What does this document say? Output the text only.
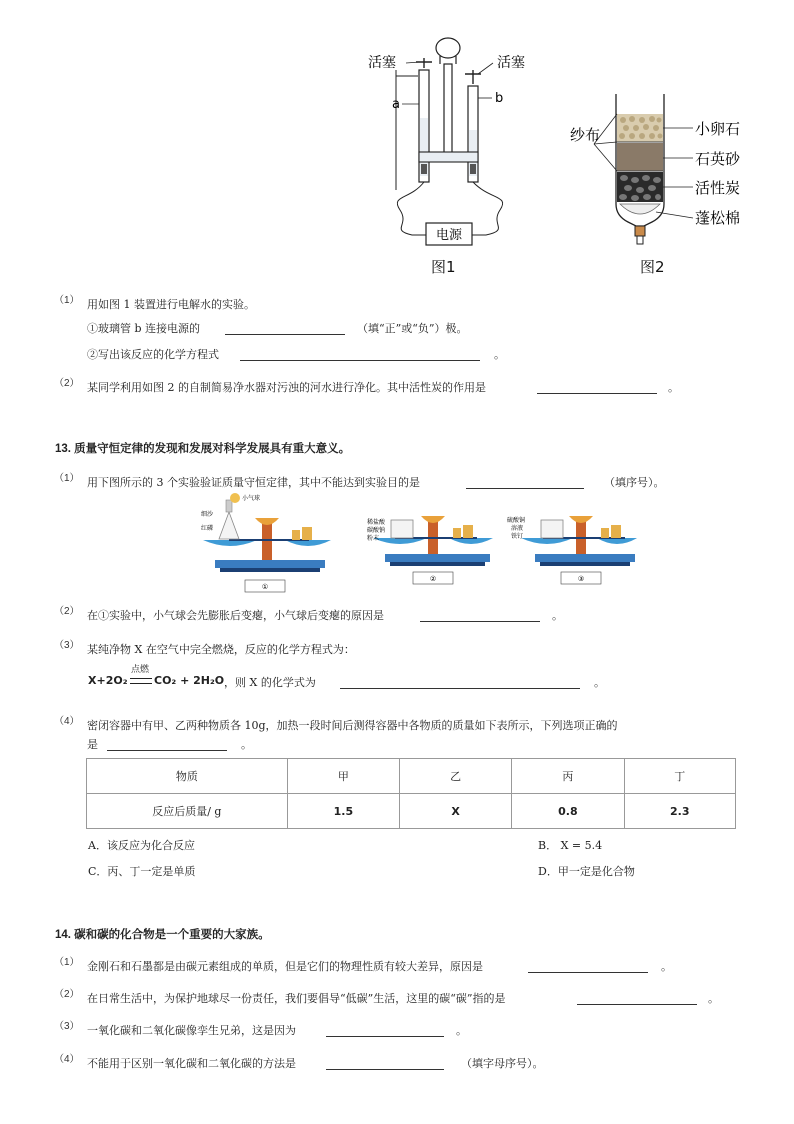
电源
活塞	活塞
a	b
图1
纱布	小卵石
石英砂
活性炭
蓬松棉
图2
（1） 用如图 1 装置进行电解水的实验。
①玻璃管 b 连接电源的	（填“正”或“负”）极。
②写出该反应的化学方程式	。
（2） 某同学利用如图 2 的自制简易净水器对污浊的河水进行净化。其中活性炭的作用是	。
13. 质量守恒定律的发现和发展对科学发展具有重大意义。
（1） 用下图所示的 3 个实验验证质量守恒定律，其中不能达到实验目的是	（填序号）。
小气球
细沙
红磷
①
稀盐酸
碳酸钠
粉末
②
硫酸铜
溶液
铁钉
③
（2） 在①实验中，小气球会先膨胀后变瘪，小气球后变瘪的原因是	。
（3） 某纯净物 X 在空气中完全燃烧，反应的化学方程式为：
X+2O₂
点燃
CO₂ + 2H₂O ，则 X 的化学式为	。
（4） 密闭容器中有甲、乙两种物质各 10g，加热一段时间后测得容器中各物质的质量如下表所示，下列选项正确的
是	。
物质	甲	乙	丙	丁
反应后质量/ g	1.5	X	0.8	2.3
A．该反应为化合反应	B． X = 5.4
C．丙、丁一定是单质	D．甲一定是化合物
14. 碳和碳的化合物是一个重要的大家族。
（1） 金刚石和石墨都是由碳元素组成的单质，但是它们的物理性质有较大差异，原因是	。
（2） 在日常生活中，为保护地球尽一份责任，我们要倡导“低碳”生活，这里的碳“碳”指的是	。
（3） 一氧化碳和二氧化碳像孪生兄弟，这是因为	。
（4） 不能用于区别一氧化碳和二氧化碳的方法是	（填字母序号）。
